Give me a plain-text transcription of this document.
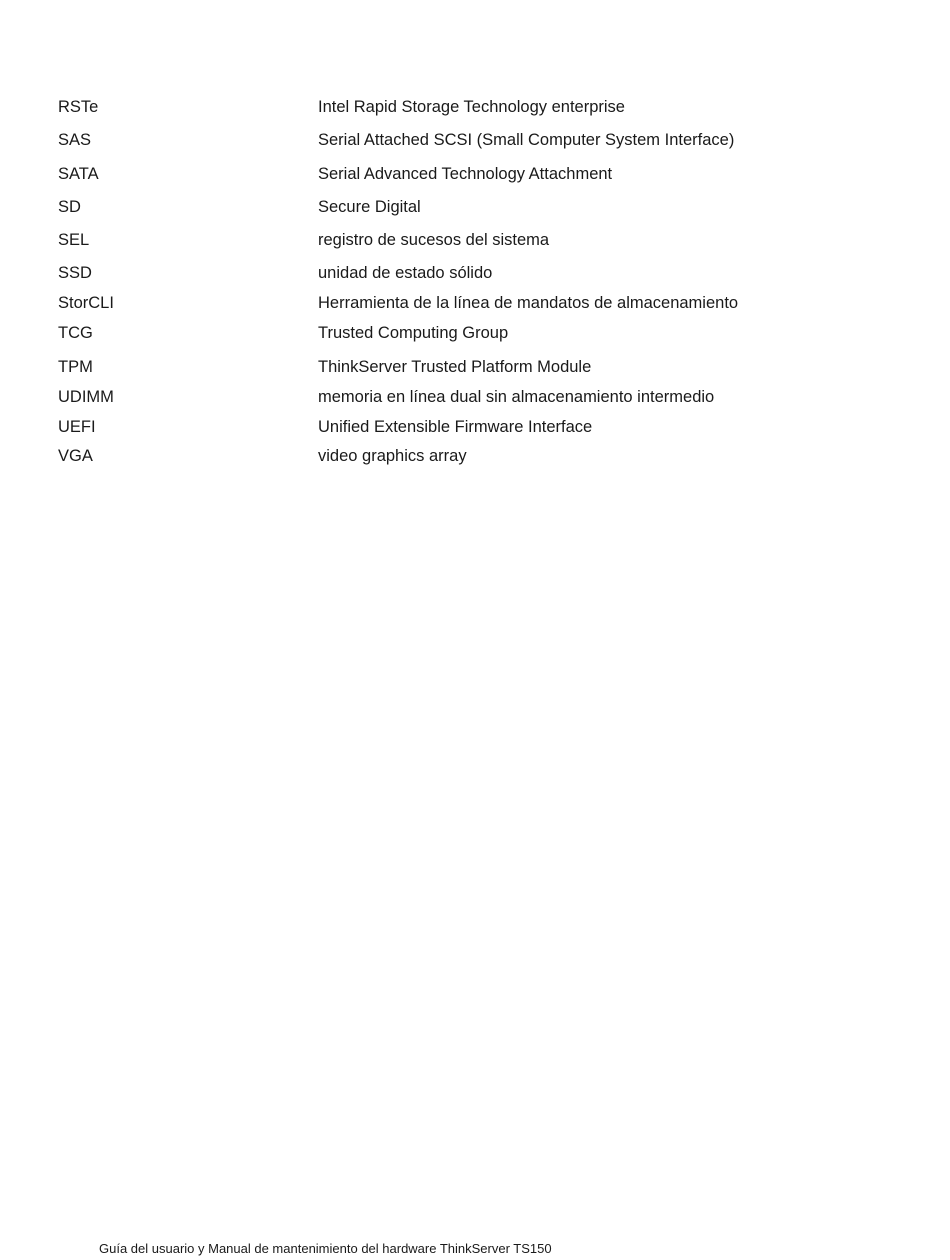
RSTe	Intel Rapid Storage Technology enterprise
SAS	Serial Attached SCSI (Small Computer System Interface)
SATA	Serial Advanced Technology Attachment
SD	Secure Digital
SEL	registro de sucesos del sistema
SSD	unidad de estado sólido
StorCLI	Herramienta de la línea de mandatos de almacenamiento
TCG	Trusted Computing Group
TPM	ThinkServer Trusted Platform Module
UDIMM	memoria en línea dual sin almacenamiento intermedio
UEFI	Unified Extensible Firmware Interface
VGA	video graphics array
Guía del usuario y Manual de mantenimiento del hardware ThinkServer TS150
